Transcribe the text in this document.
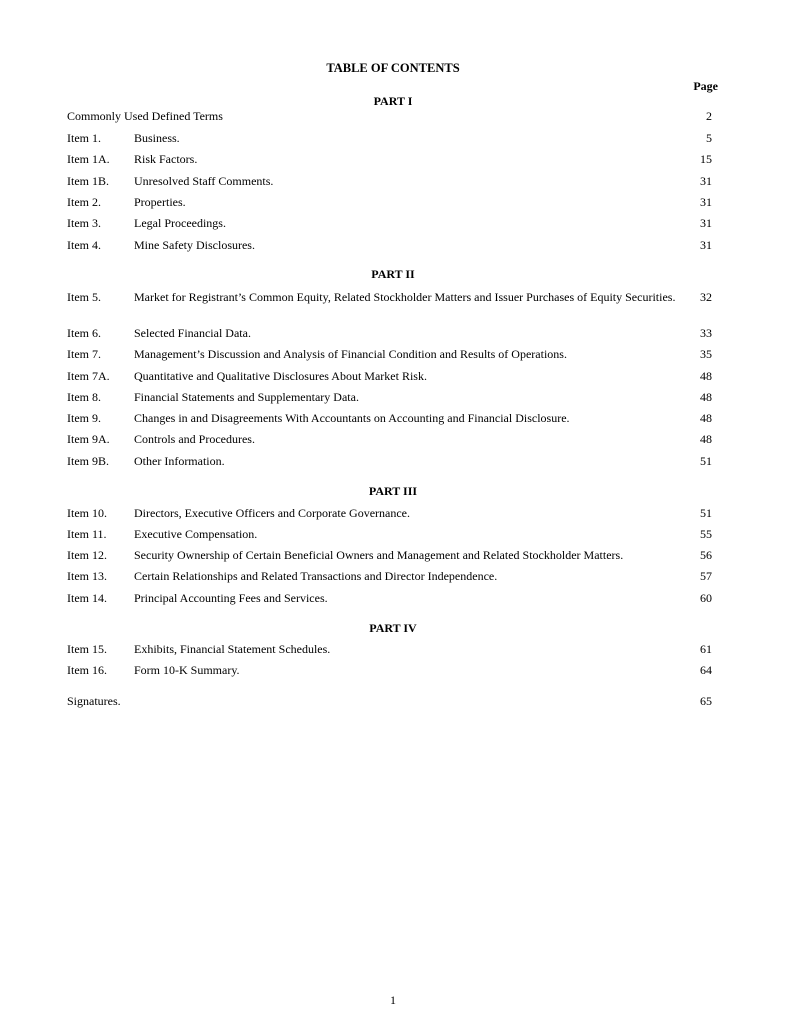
TABLE OF CONTENTS
Page
PART I
Commonly Used Defined Terms	2
Item 1.	Business.	5
Item 1A. Risk Factors.	15
Item 1B. Unresolved Staff Comments.	31
Item 2.	Properties.	31
Item 3.	Legal Proceedings.	31
Item 4.	Mine Safety Disclosures.	31
PART II
Item 5.	Market for Registrant’s Common Equity, Related Stockholder Matters and Issuer Purchases of Equity Securities.	32
Item 6.	Selected Financial Data.	33
Item 7.	Management’s Discussion and Analysis of Financial Condition and Results of Operations.	35
Item 7A. Quantitative and Qualitative Disclosures About Market Risk.	48
Item 8.	Financial Statements and Supplementary Data.	48
Item 9.	Changes in and Disagreements With Accountants on Accounting and Financial Disclosure.	48
Item 9A. Controls and Procedures.	48
Item 9B. Other Information.	51
PART III
Item 10. Directors, Executive Officers and Corporate Governance.	51
Item 11. Executive Compensation.	55
Item 12. Security Ownership of Certain Beneficial Owners and Management and Related Stockholder Matters.	56
Item 13. Certain Relationships and Related Transactions and Director Independence.	57
Item 14. Principal Accounting Fees and Services.	60
PART IV
Item 15. Exhibits, Financial Statement Schedules.	61
Item 16. Form 10-K Summary.	64
Signatures.	65
1
